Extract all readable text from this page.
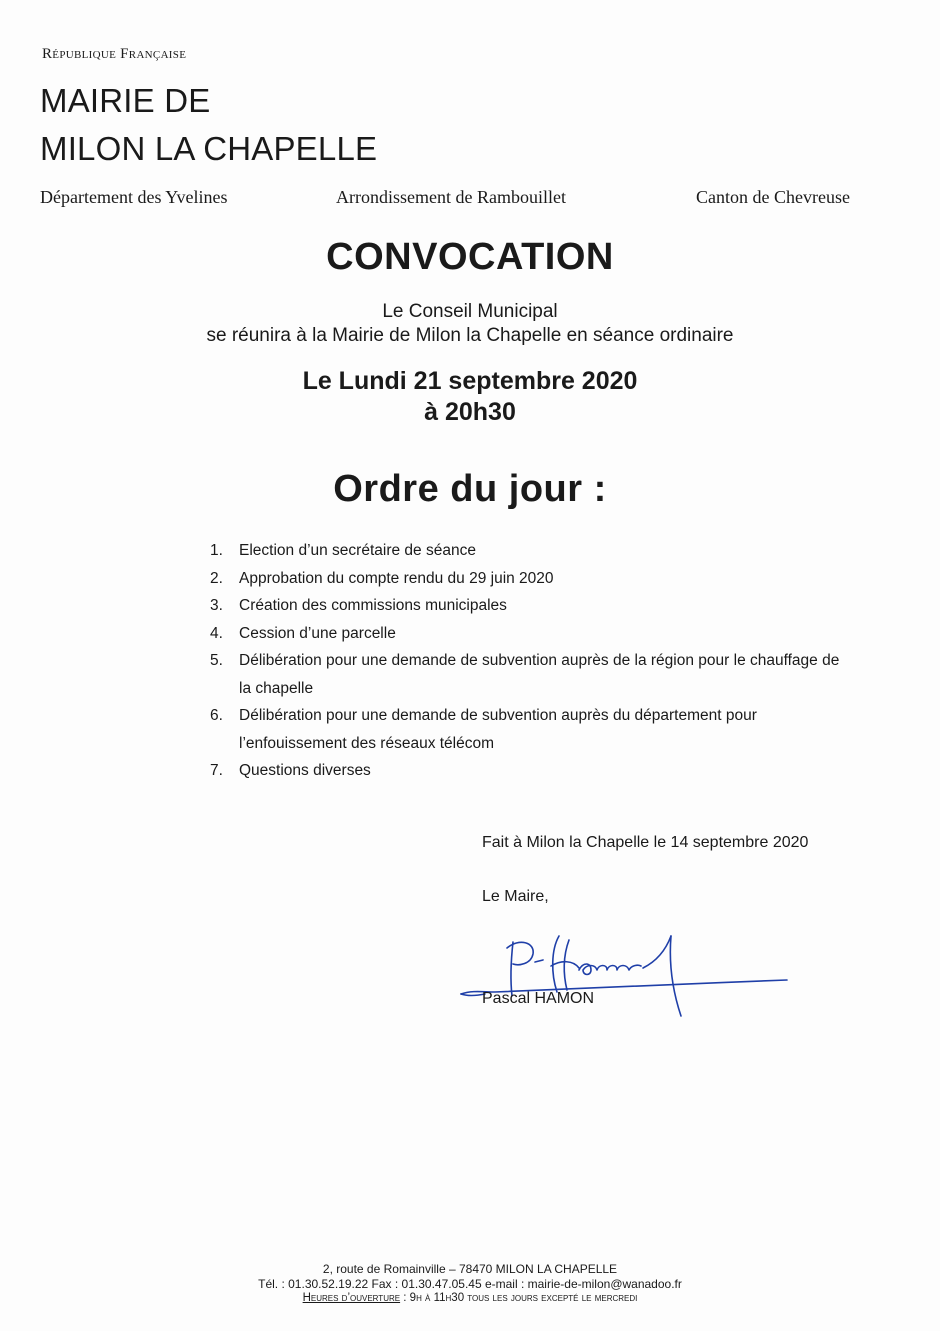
République Française
MAIRIE DE
MILON LA CHAPELLE
Département des Yvelines	Arrondissement de Rambouillet	Canton de Chevreuse
CONVOCATION
Le Conseil Municipal
se réunira à la Mairie de Milon la Chapelle en séance ordinaire
Le Lundi 21 septembre 2020
à 20h30
Ordre du jour :
1. Election d’un secrétaire de séance
2. Approbation du compte rendu du 29 juin 2020
3. Création des commissions municipales
4. Cession d’une parcelle
5. Délibération pour une demande de subvention auprès de la région pour le chauffage de la chapelle
6. Délibération pour une demande de subvention auprès du département pour l’enfouissement des réseaux télécom
7. Questions diverses
Fait à Milon la Chapelle le 14 septembre 2020
Le Maire,
Pascal HAMON
2, route de Romainville – 78470 MILON LA CHAPELLE
Tél. : 01.30.52.19.22 Fax : 01.30.47.05.45 e-mail : mairie-de-milon@wanadoo.fr
Heures d’ouverture : 9h à 11h30 tous les jours excepté le mercredi
